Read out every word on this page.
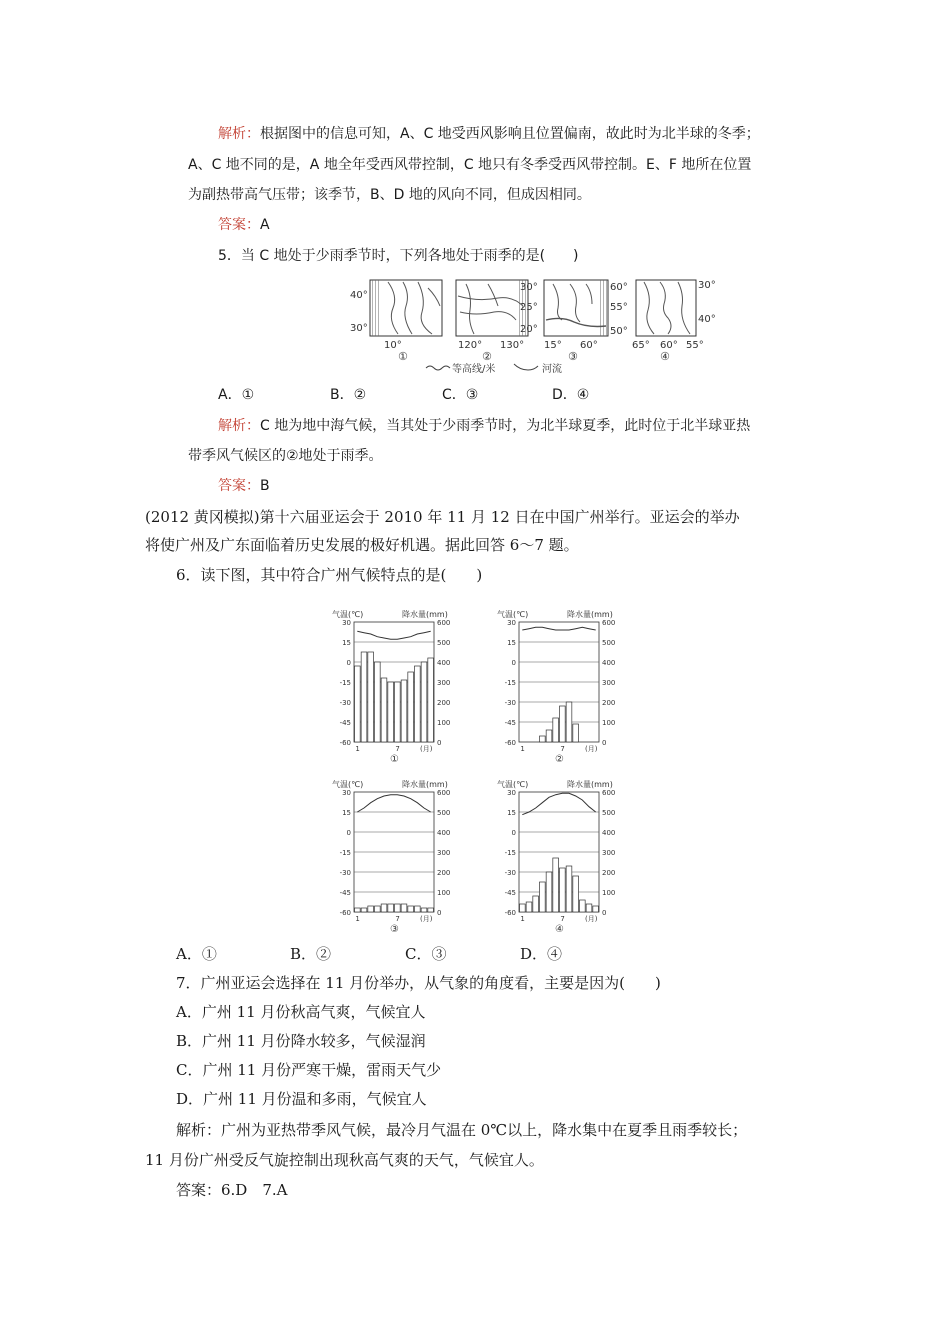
解析：根据图中的信息可知，A、C 地受西风影响且位置偏南，故此时为北半球的冬季；
A、C 地不同的是，A 地全年受西风带控制，C 地只有冬季受西风带控制。E、F 地所在位置
为副热带高气压带；该季节，B、D 地的风向不同，但成因相同。
答案：A
5．当 C 地处于少雨季节时，下列各地处于雨季的是(　　)
40°
30°
10°
①
120° 130°
②
30°
25°
20°
15° 60°
③
60°
55°
50°
30°
40°
65° 60° 55°
④
等高线/米	河流
A．①	B．②	C．③	D．④
解析：C 地为地中海气候，当其处于少雨季节时，为北半球夏季，此时位于北半球亚热
带季风气候区的②地处于雨季。
答案：B
(2012 黄冈模拟)第十六届亚运会于 2010 年 11 月 12 日在中国广州举行。亚运会的举办
将使广州及广东面临着历史发展的极好机遇。据此回答 6～7 题。
6．读下图，其中符合广州气候特点的是(　　)
气温(℃)	降水量(mm)
30	600
15	500
0	400
-15	300
-30	200
-45	100
-60	0
1	7	(月)
①
气温(℃)	降水量(mm)
30	600
15	500
0	400
-15	300
-30	200
-45	100
-60	0
1	7	(月)
②
气温(℃)	降水量(mm)
30	600
15	500
0	400
-15	300
-30	200
-45	100
-60	0
1	7	(月)
③
气温(℃)	降水量(mm)
30	600
15	500
0	400
-15	300
-30	200
-45	100
-60	0
1	7	(月)
④
A．①	B．②	C．③	D．④
7．广州亚运会选择在 11 月份举办，从气象的角度看，主要是因为(　　)
A．广州 11 月份秋高气爽，气候宜人
B．广州 11 月份降水较多，气候湿润
C．广州 11 月份严寒干燥，雷雨天气少
D．广州 11 月份温和多雨，气候宜人
解析：广州为亚热带季风气候，最冷月气温在 0℃以上，降水集中在夏季且雨季较长；
11 月份广州受反气旋控制出现秋高气爽的天气，气候宜人。
答案：6.D　7.A
